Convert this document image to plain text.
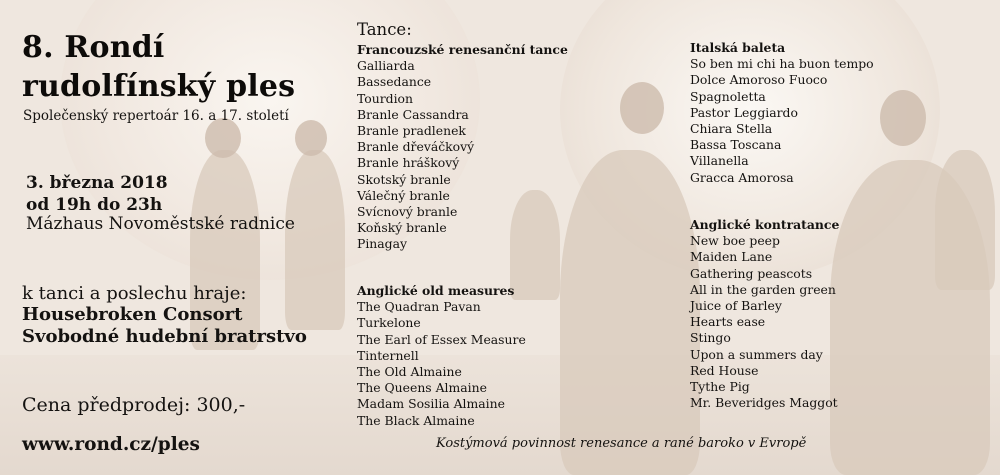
8. Rondí
rudolfínský ples
Společenský repertoár 16. a 17. století
3. března 2018
od 19h do 23h
Mázhaus Novoměstské radnice
k tanci a poslechu hraje:
Housebroken Consort
Svobodné hudební bratrstvo
Cena předprodej: 300,-
www.rond.cz/ples
Tance:
Francouzské renesanční tance
Galliarda
Bassedance
Tourdion
Branle Cassandra
Branle pradlenek
Branle dřeváčkový
Branle hráškový
Skotský branle
Válečný branle
Svícnový branle
Koňský branle
Pinagay
Anglické old measures
The Quadran Pavan
Turkelone
The Earl of Essex Measure
Tinternell
The Old Almaine
The Queens Almaine
Madam Sosilia Almaine
The Black Almaine
Italská baleta
So ben mi chi ha buon tempo
Dolce Amoroso Fuoco
Spagnoletta
Pastor Leggiardo
Chiara Stella
Bassa Toscana
Villanella
Gracca Amorosa
Anglické kontratance
New boe peep
Maiden Lane
Gathering peascots
All in the garden green
Juice of Barley
Hearts ease
Stingo
Upon a summers day
Red House
Tythe Pig
Mr. Beveridges Maggot
Kostýmová povinnost renesance a rané baroko v Evropě
